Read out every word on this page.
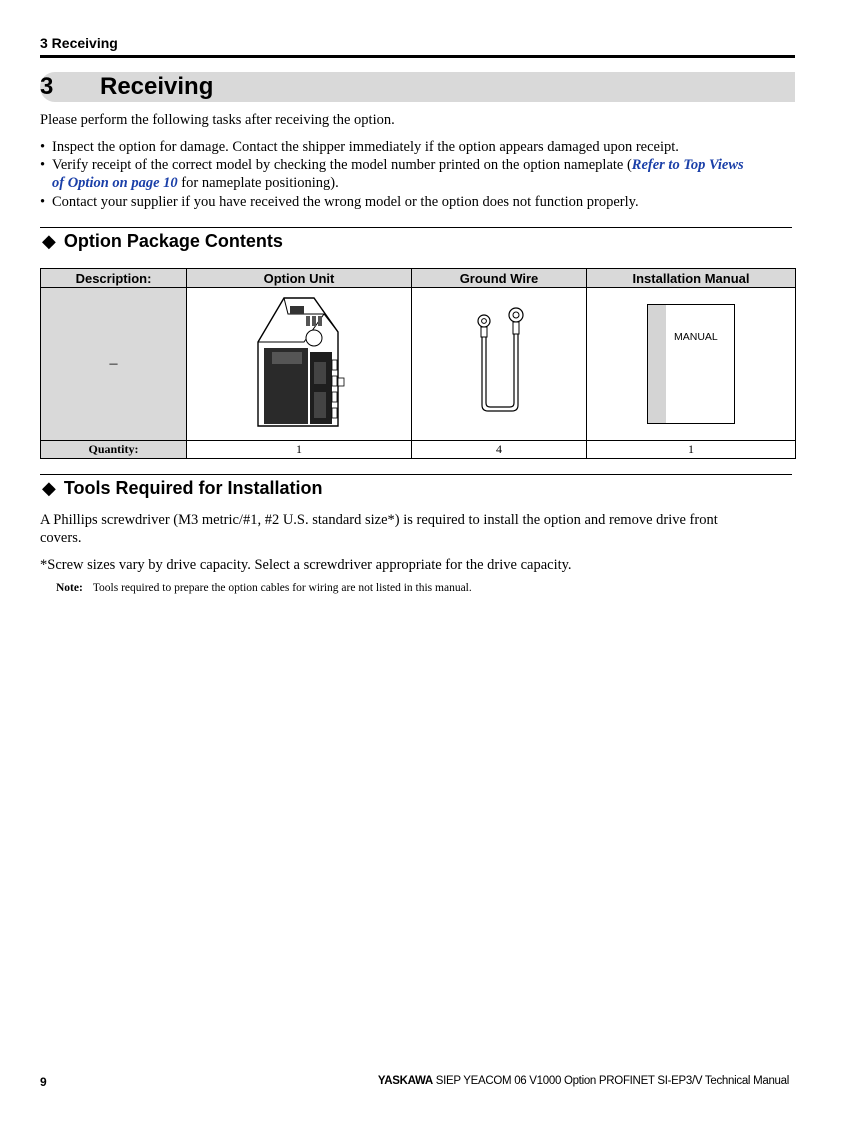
3 Receiving
3 Receiving
Please perform the following tasks after receiving the option.
• Inspect the option for damage. Contact the shipper immediately if the option appears damaged upon receipt.
• Verify receipt of the correct model by checking the model number printed on the option nameplate (Refer to Top Views
of Option on page 10 for nameplate positioning).
• Contact your supplier if you have received the wrong model or the option does not function properly.
◆ Option Package Contents
Description:	Option Unit	Ground Wire	Installation Manual
–			MANUAL

Quantity:	1	4	1
◆ Tools Required for Installation
A Phillips screwdriver (M3 metric/#1, #2 U.S. standard size*) is required to install the option and remove drive front
covers.
*Screw sizes vary by drive capacity. Select a screwdriver appropriate for the drive capacity.
Note: Tools required to prepare the option cables for wiring are not listed in this manual.
9	YASKAWA SIEP YEACOM 06 V1000 Option PROFINET SI-EP3/V Technical Manual
